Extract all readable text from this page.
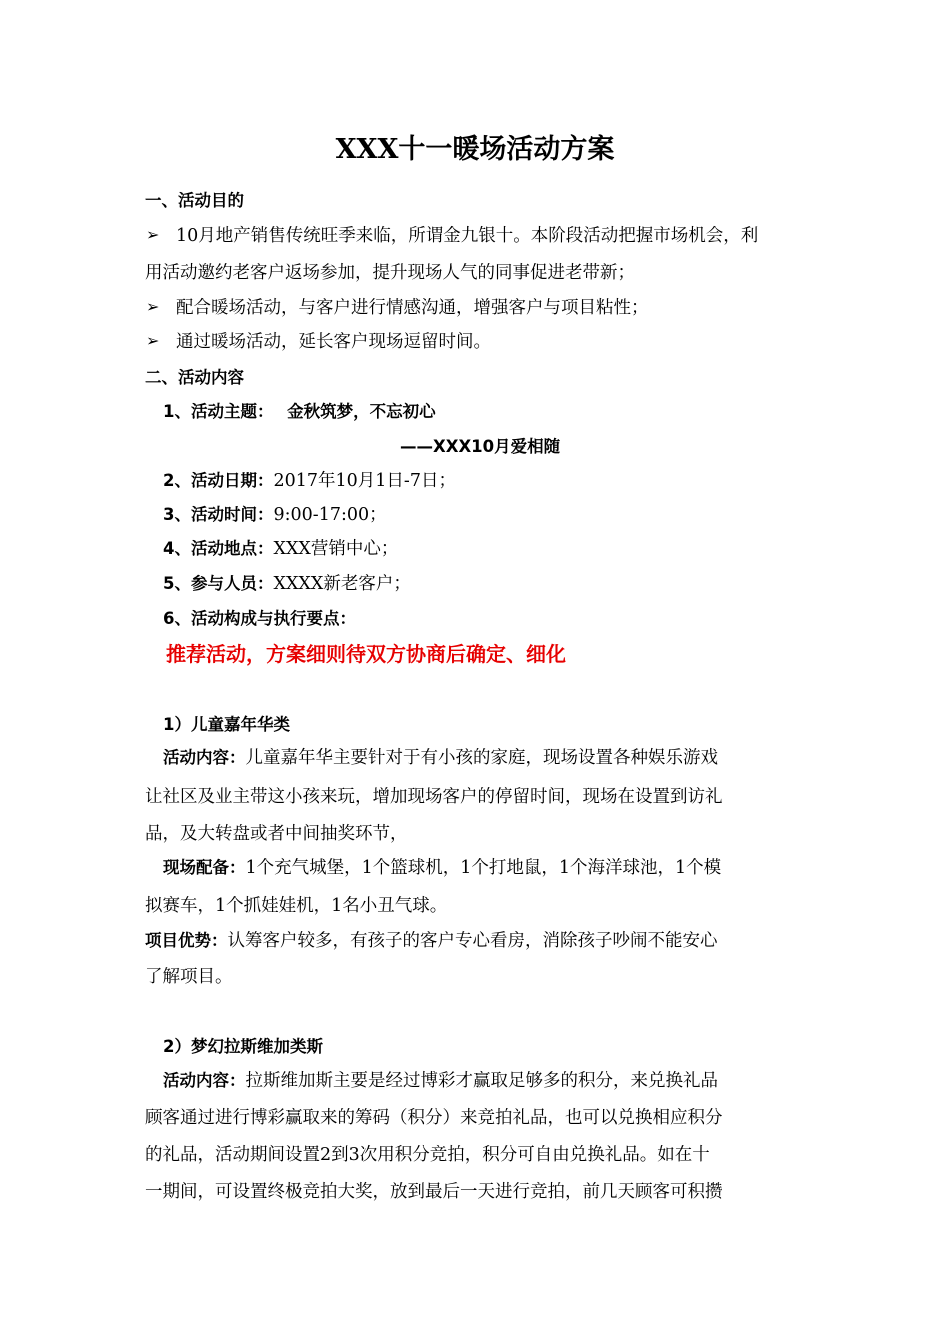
XXX十一暖场活动方案
一、活动目的
➢ 10月地产销售传统旺季来临，所谓金九银十。本阶段活动把握市场机会，利
用活动邀约老客户返场参加，提升现场人气的同事促进老带新；
➢ 配合暖场活动，与客户进行情感沟通，增强客户与项目粘性；
➢ 通过暖场活动，延长客户现场逗留时间。
二、活动内容
1、活动主题： 金秋筑梦，不忘初心
——XXX10月爱相随
2、活动日期：2017年10月1日-7日；
3、活动时间：9:00-17:00；
4、活动地点：XXX营销中心；
5、参与人员：XXXX新老客户；
6、活动构成与执行要点：
推荐活动，方案细则待双方协商后确定、细化
1）儿童嘉年华类
活动内容：儿童嘉年华主要针对于有小孩的家庭，现场设置各种娱乐游戏
让社区及业主带这小孩来玩，增加现场客户的停留时间，现场在设置到访礼
品，及大转盘或者中间抽奖环节，
现场配备：1个充气城堡，1个篮球机，1个打地鼠，1个海洋球池，1个模
拟赛车，1个抓娃娃机，1名小丑气球。
项目优势：认筹客户较多，有孩子的客户专心看房，消除孩子吵闹不能安心
了解项目。
2）梦幻拉斯维加类斯
活动内容：拉斯维加斯主要是经过博彩才赢取足够多的积分，来兑换礼品
顾客通过进行博彩赢取来的筹码（积分）来竞拍礼品，也可以兑换相应积分
的礼品，活动期间设置2到3次用积分竞拍，积分可自由兑换礼品。如在十
一期间，可设置终极竞拍大奖，放到最后一天进行竞拍，前几天顾客可积攒
